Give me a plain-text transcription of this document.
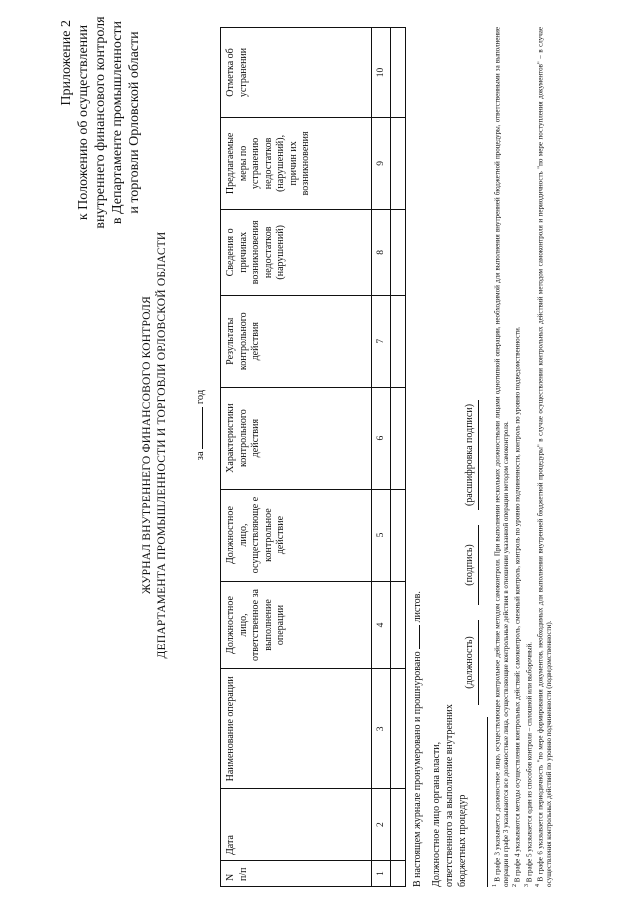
Приложение 2 к Положению об осуществлении внутреннего финансового контроля в Департаменте промышленности и торговли Орловской области
ЖУРНАЛ ВНУТРЕННЕГО ФИНАНСОВОГО КОНТРОЛЯ ДЕПАРТАМЕНТА ПРОМЫШЛЕННОСТИ И ТОРГОВЛИ ОРЛОВСКОЙ ОБЛАСТИ	за  год
N п/п	Дата	Наименование операции	Должностное лицо, ответственное за выполнение операции	Должностное лицо, осуществляюще е контрольное действие	Характеристики контрольного действия	Результаты контрольного действия	Сведения о причинах возникновения недостатков (нарушений)	Предлагаемые меры по устранению недостатков (нарушений), причин их возникновения	Отметка об устранении
1	2	3	4	5	6	7	8	9	10

В настоящем журнале пронумеровано и прошнуровано  листов.
Должностное лицо органа власти, ответственного за выполнение внутренних бюджетных процедур
(должность)
(подпись)
(расшифровка подписи)

$^1$ В графе 3 указывается должностное лицо, осуществляющее контрольное действие методом самоконтроля. При выполнении нескольких должностными лицами однотипной операции, необходимой для выполнения внутренней бюджетной процедуры, ответственными за выполнение операции в графе 3 указываются все должностные лица, осуществляющие контрольные действия в отношении указанной операции методом самоконтроля. $^2$ В графе 4 указываются методы осуществления контрольных действий: самоконтроль, смежный контроль, контроль по уровню подчиненности, контроль по уровню подведомственности.

$^3$ В графе 5 указывается один из способов контроля – сплошной или выборочный.

$^4$ В графе 6 указывается периодичность "по мере формирования документов, необходимых для выполнения внутренней бюджетной процедуры" в случае осуществления контрольных действий методом самоконтроля и периодичность "по мере поступления документов" – в случае осуществления контрольных действий по уровню подчиненности (подведомственности).
